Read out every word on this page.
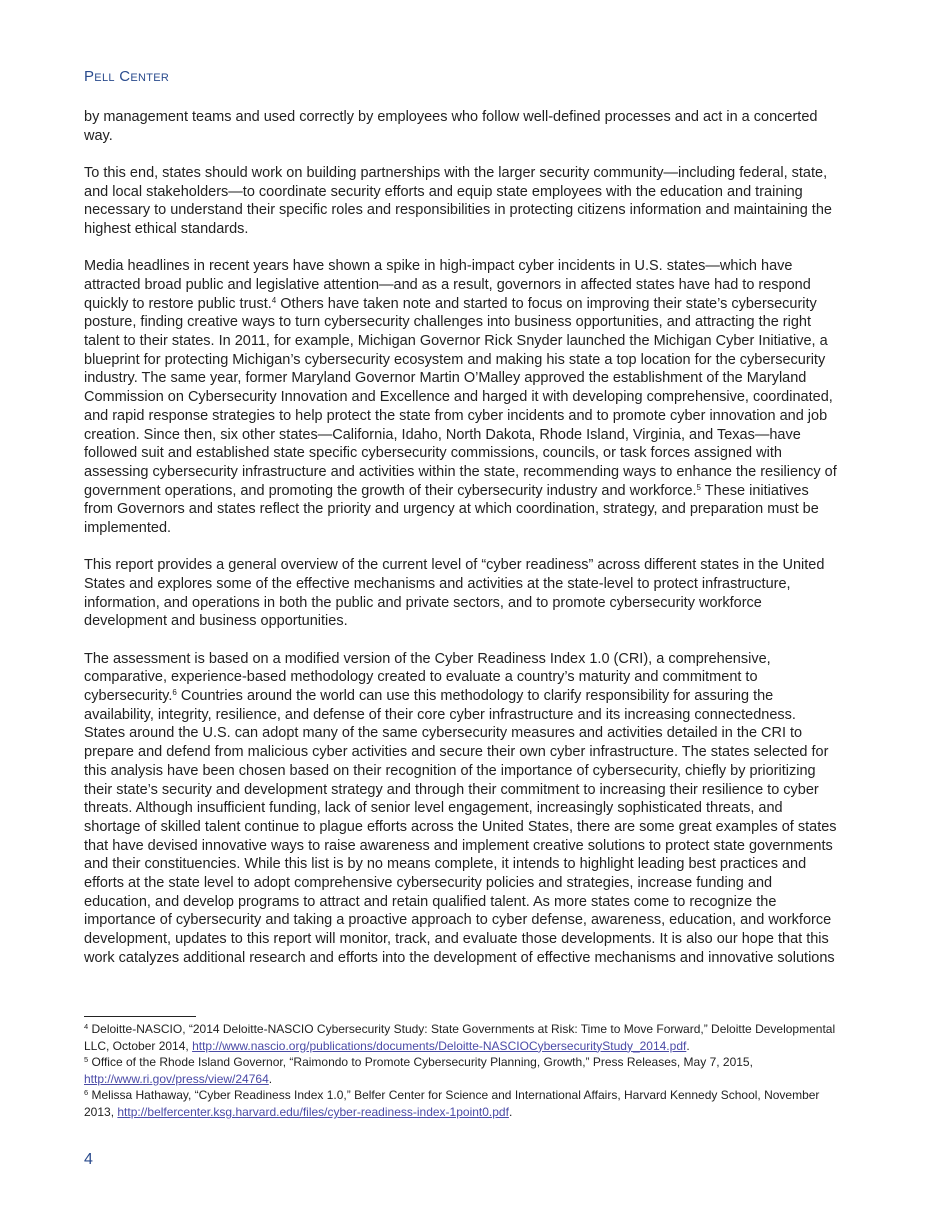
Pell Center

by management teams and used correctly by employees who follow well-defined processes and act in a concerted way.

To this end, states should work on building partnerships with the larger security community—including federal, state, and local stakeholders—to coordinate security efforts and equip state employees with the education and training necessary to understand their specific roles and responsibilities in protecting citizens information and maintaining the highest ethical standards.

Media headlines in recent years have shown a spike in high-impact cyber incidents in U.S. states—which have attracted broad public and legislative attention—and as a result, governors in affected states have had to respond quickly to restore public trust.$^4$ Others have taken note and started to focus on improving their state’s cybersecurity posture, finding creative ways to turn cybersecurity challenges into business opportunities, and attracting the right talent to their states. In 2011, for example, Michigan Governor Rick Snyder launched the Michigan Cyber Initiative, a blueprint for protecting Michigan’s cybersecurity ecosystem and making his state a top location for the cybersecurity industry. The same year, former Maryland Governor Martin O’Malley approved the establishment of the Maryland Commission on Cybersecurity Innovation and Excellence and harged it with developing comprehensive, coordinated, and rapid response strategies to help protect the state from cyber incidents and to promote cyber innovation and job creation. Since then, six other states—California, Idaho, North Dakota, Rhode Island, Virginia, and Texas—have followed suit and established state specific cybersecurity commissions, councils, or task forces assigned with assessing cybersecurity infrastructure and activities within the state, recommending ways to enhance the resiliency of government operations, and promoting the growth of their cybersecurity industry and workforce.$^5$ These initiatives from Governors and states reflect the priority and urgency at which coordination, strategy, and preparation must be implemented.

This report provides a general overview of the current level of “cyber readiness” across different states in the United States and explores some of the effective mechanisms and activities at the state-level to protect infrastructure, information, and operations in both the public and private sectors, and to promote cybersecurity workforce development and business opportunities.

The assessment is based on a modified version of the Cyber Readiness Index 1.0 (CRI), a comprehensive, comparative, experience-based methodology created to evaluate a country’s maturity and commitment to cybersecurity.$^6$ Countries around the world can use this methodology to clarify responsibility for assuring the availability, integrity, resilience, and defense of their core cyber infrastructure and its increasing connectedness. States around the U.S. can adopt many of the same cybersecurity measures and activities detailed in the CRI to prepare and defend from malicious cyber activities and secure their own cyber infrastructure. The states selected for this analysis have been chosen based on their recognition of the importance of cybersecurity, chiefly by prioritizing their state’s security and development strategy and through their commitment to increasing their resilience to cyber threats. Although insufficient funding, lack of senior level engagement, increasingly sophisticated threats, and shortage of skilled talent continue to plague efforts across the United States, there are some great examples of states that have devised innovative ways to raise awareness and implement creative solutions to protect state governments and their constituencies. While this list is by no means complete, it intends to highlight leading best practices and efforts at the state level to adopt comprehensive cybersecurity policies and strategies, increase funding and education, and develop programs to attract and retain qualified talent. As more states come to recognize the importance of cybersecurity and taking a proactive approach to cyber defense, awareness, education, and workforce development, updates to this report will monitor, track, and evaluate those developments. It is also our hope that this work catalyzes additional research and efforts into the development of effective mechanisms and innovative solutions

$^4$ Deloitte-NASCIO, “2014 Deloitte-NASCIO Cybersecurity Study: State Governments at Risk: Time to Move Forward,” Deloitte Developmental LLC, October 2014, http://www.nascio.org/publications/documents/Deloitte-NASCIOCybersecurityStudy_2014.pdf.

$^5$ Office of the Rhode Island Governor, “Raimondo to Promote Cybersecurity Planning, Growth,” Press Releases, May 7, 2015, http://www.ri.gov/press/view/24764.

$^6$ Melissa Hathaway, “Cyber Readiness Index 1.0,” Belfer Center for Science and International Affairs, Harvard Kennedy School, November 2013, http://belfercenter.ksg.harvard.edu/files/cyber-readiness-index-1point0.pdf.

4
